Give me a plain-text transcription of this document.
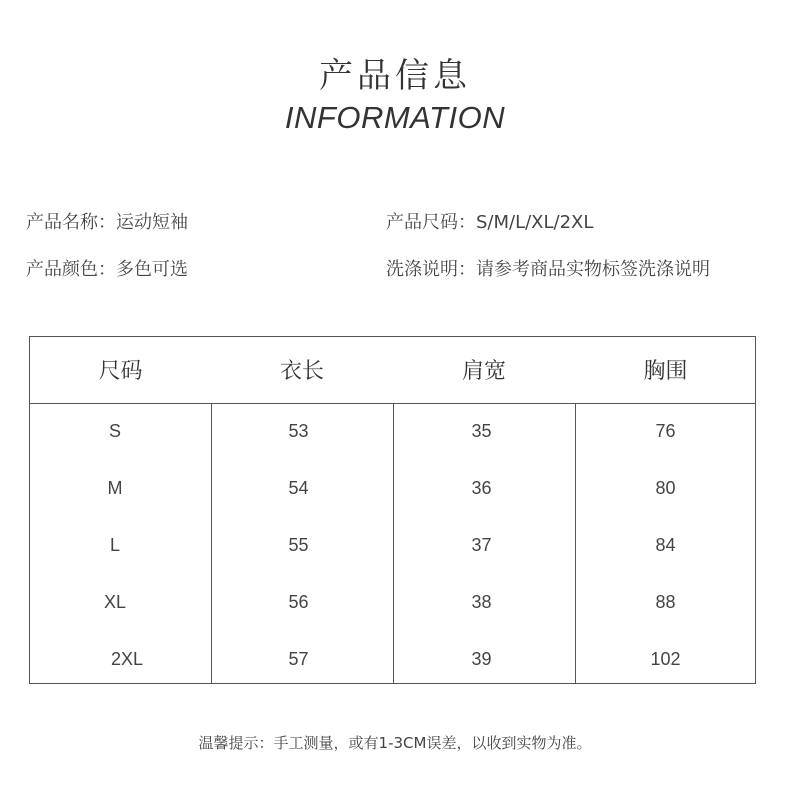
产品信息
INFORMATION
产品名称：运动短袖	产品尺码：S/M/L/XL/2XL
产品颜色：多色可选	洗涤说明：请参考商品实物标签洗涤说明
尺码	衣长	肩宽	胸围
S	53	35	76
M	54	36	80
L	55	37	84
XL	56	38	88
2XL	57	39	102
温馨提示：手工测量，或有1-3CM误差，以收到实物为准。
